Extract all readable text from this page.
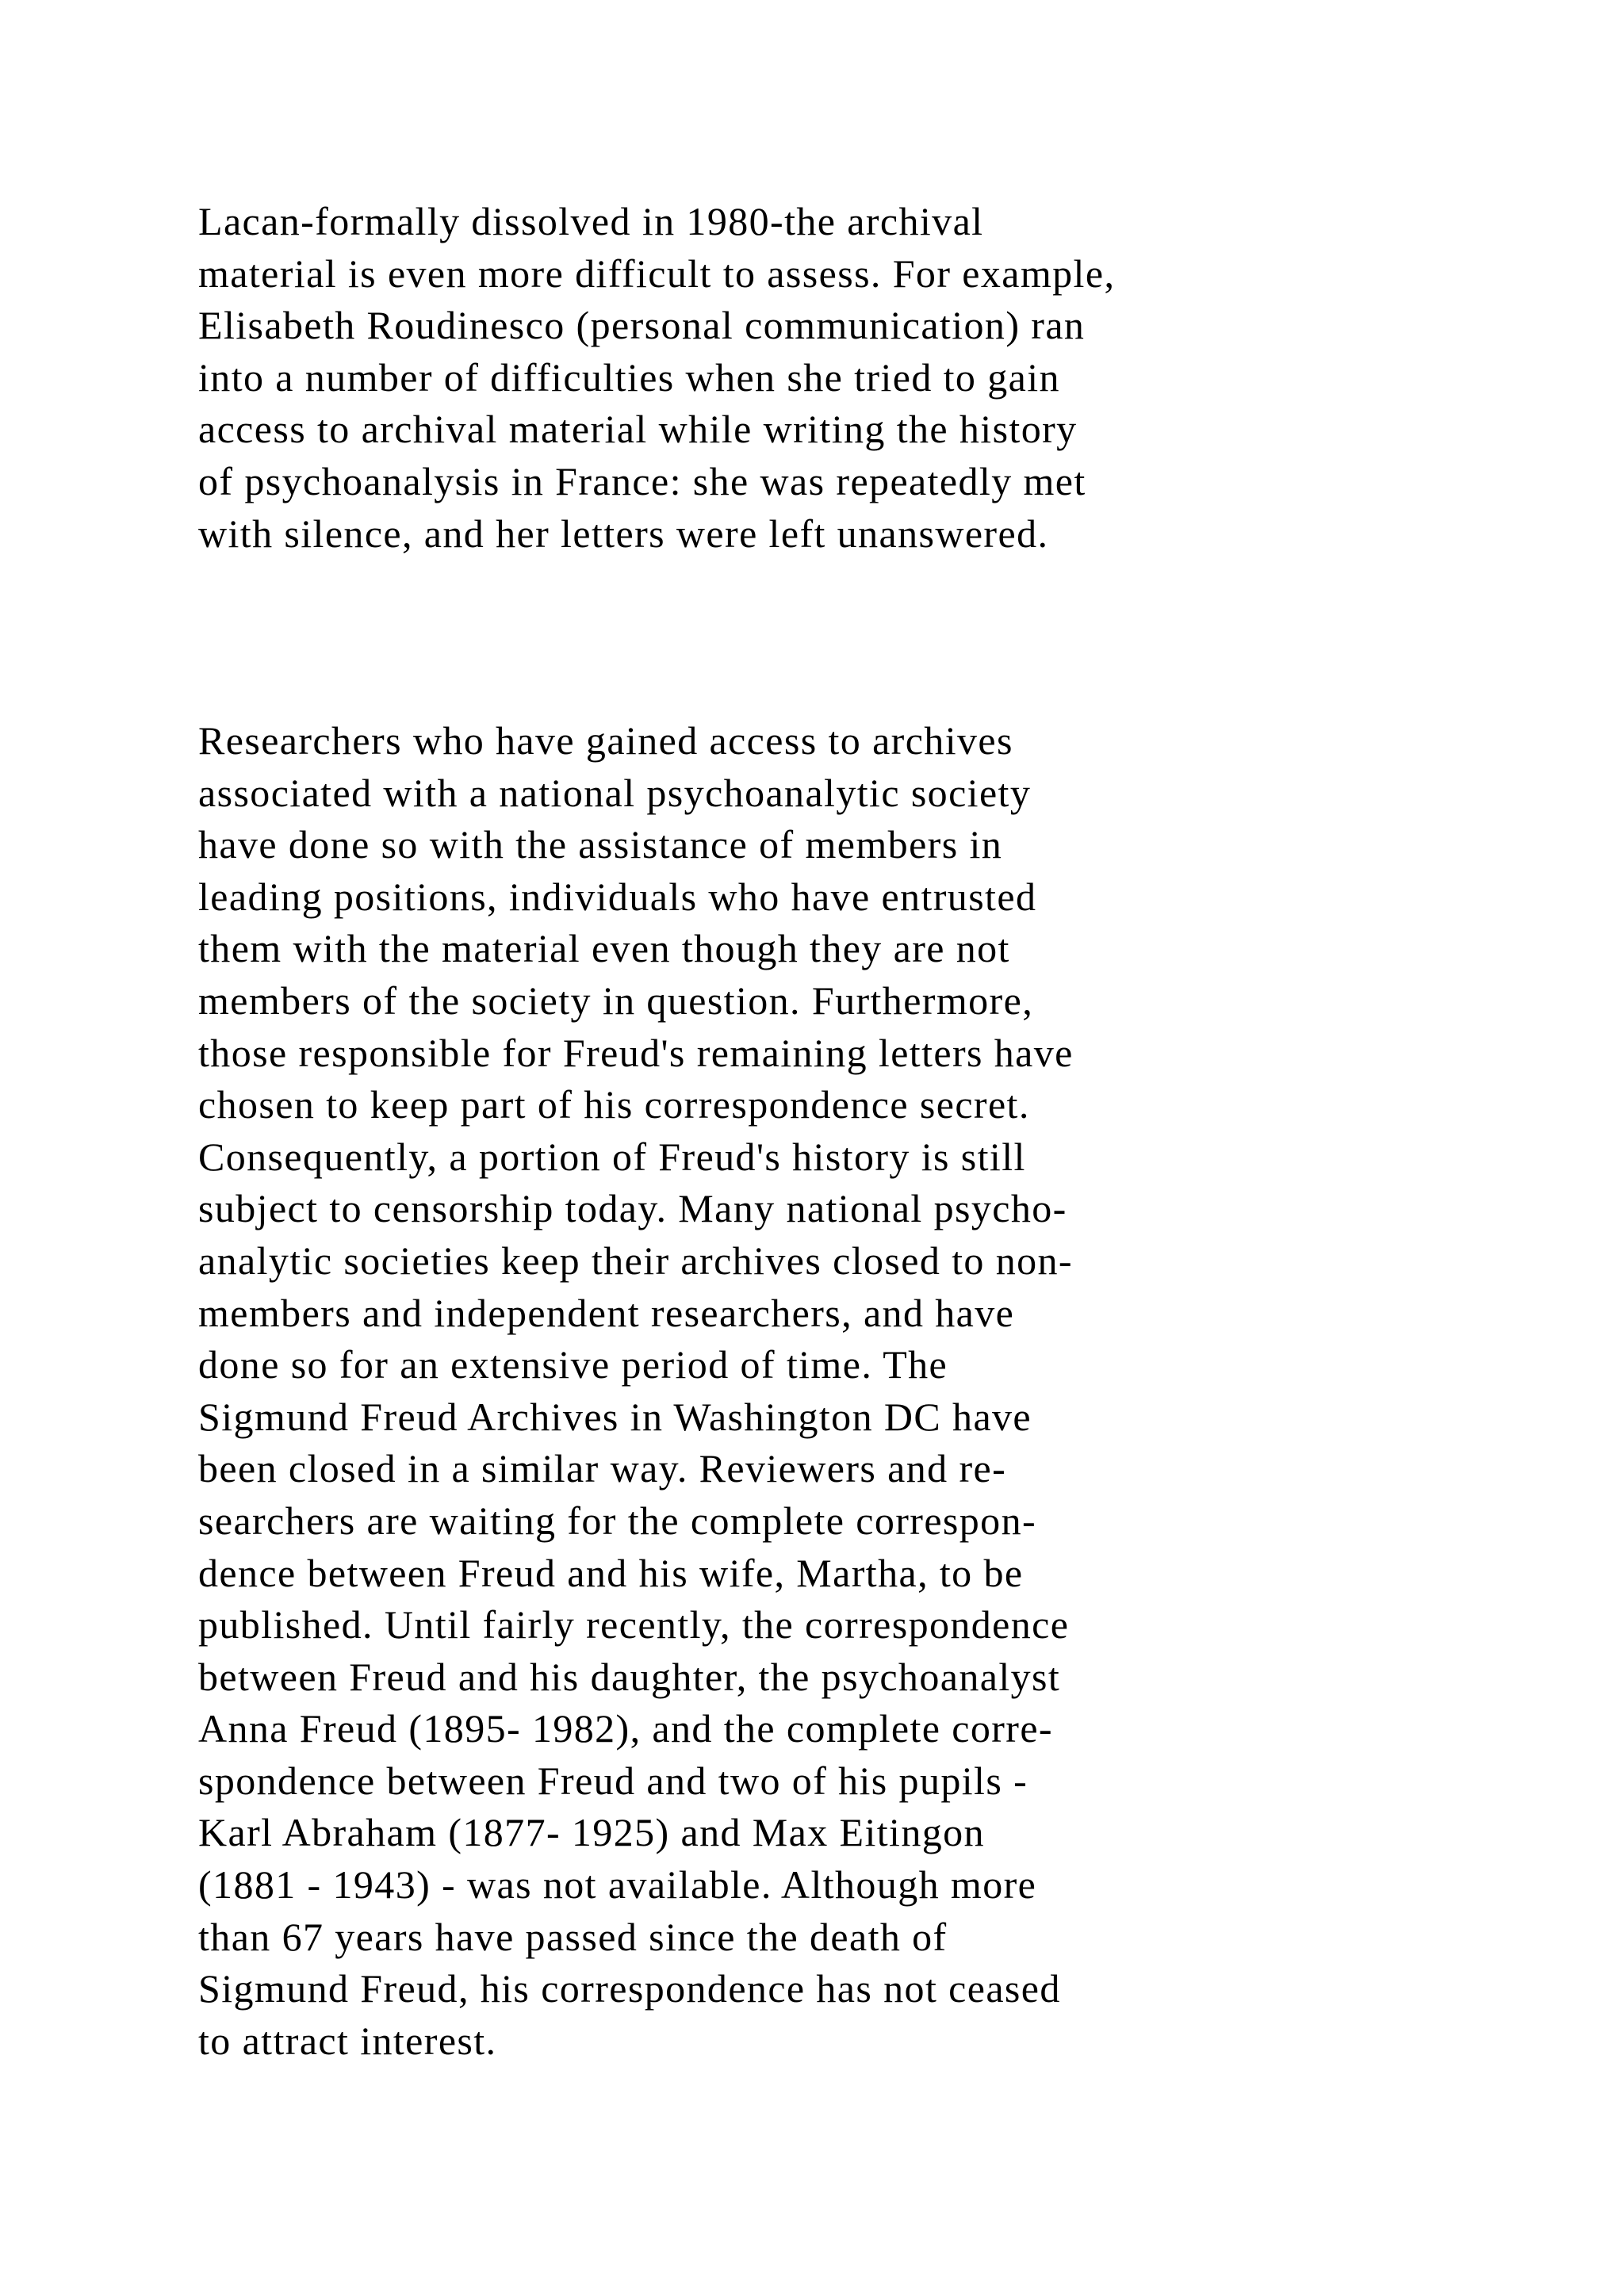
Lacan-formally dissolved in 1980-the archival
material is even more difficult to assess. For example,
Elisabeth Roudinesco (personal communication) ran
into a number of difficulties when she tried to gain
access to archival material while writing the history
of psychoanalysis in France: she was repeatedly met
with silence, and her letters were left unanswered.

Researchers who have gained access to archives
associated with a national psychoanalytic society
have done so with the assistance of members in
leading positions, individuals who have entrusted
them with the material even though they are not
members of the society in question. Furthermore,
those responsible for Freud's remaining letters have
chosen to keep part of his correspondence secret.
Consequently, a portion of Freud's history is still
subject to censorship today. Many national psycho-
analytic societies keep their archives closed to non-
members and independent researchers, and have
done so for an extensive period of time. The
Sigmund Freud Archives in Washington DC have
been closed in a similar way. Reviewers and re-
searchers are waiting for the complete correspon-
dence between Freud and his wife, Martha, to be
published. Until fairly recently, the correspondence
between Freud and his daughter, the psychoanalyst
Anna Freud (1895- 1982), and the complete corre-
spondence between Freud and two of his pupils -
Karl Abraham (1877- 1925) and Max Eitingon
(1881 - 1943) - was not available. Although more
than 67 years have passed since the death of
Sigmund Freud, his correspondence has not ceased
to attract interest.
